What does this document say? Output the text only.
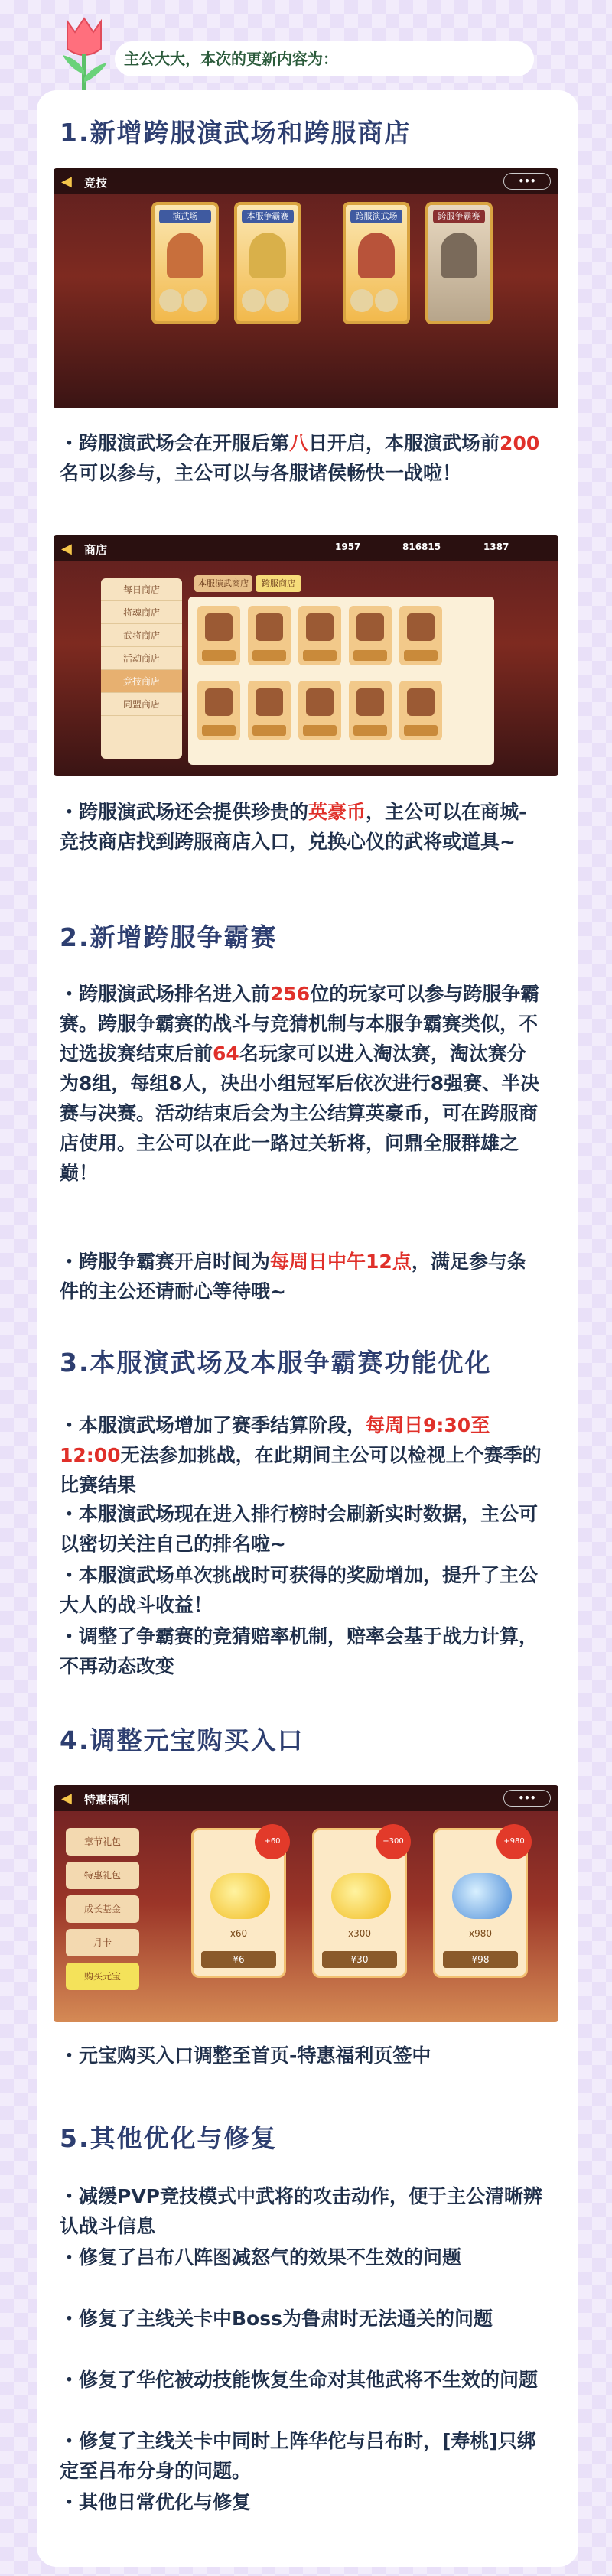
主公大大，本次的更新内容为：
1.新增跨服演武场和跨服商店
◀ 竞技	•••
演武场	本服争霸赛	跨服演武场	跨服争霸赛
・跨服演武场会在开服后第八日开启，本服演武场前200名可以参与，主公可以与各服诸侯畅快一战啦！
◀ 商店	1957	816815	1387
每日商店
将魂商店
武将商店
活动商店
竞技商店
同盟商店
本服演武商店	跨服商店
・跨服演武场还会提供珍贵的英豪币，主公可以在商城-竞技商店找到跨服商店入口，兑换心仪的武将或道具~
2.新增跨服争霸赛
・跨服演武场排名进入前256位的玩家可以参与跨服争霸赛。跨服争霸赛的战斗与竞猜机制与本服争霸赛类似，不过选拔赛结束后前64名玩家可以进入淘汰赛，淘汰赛分为8组，每组8人，决出小组冠军后依次进行8强赛、半决赛与决赛。活动结束后会为主公结算英豪币，可在跨服商店使用。主公可以在此一路过关斩将，问鼎全服群雄之巅！
・跨服争霸赛开启时间为每周日中午12点，满足参与条件的主公还请耐心等待哦~
3.本服演武场及本服争霸赛功能优化
・本服演武场增加了赛季结算阶段，每周日9:30至12:00无法参加挑战，在此期间主公可以检视上个赛季的比赛结果
・本服演武场现在进入排行榜时会刷新实时数据，主公可以密切关注自己的排名啦~
・本服演武场单次挑战时可获得的奖励增加，提升了主公大人的战斗收益！
・调整了争霸赛的竞猜赔率机制，赔率会基于战力计算，不再动态改变
4.调整元宝购买入口
◀ 特惠福利	•••
章节礼包
特惠礼包
成长基金
月卡
购买元宝
+60
x60
¥6
+300
x300
¥30
+980
x980
¥98
・元宝购买入口调整至首页-特惠福利页签中
5.其他优化与修复
・减缓PVP竞技模式中武将的攻击动作，便于主公清晰辨认战斗信息
・修复了吕布八阵图减怒气的效果不生效的问题
・修复了主线关卡中Boss为鲁肃时无法通关的问题
・修复了华佗被动技能恢复生命对其他武将不生效的问题
・修复了主线关卡中同时上阵华佗与吕布时，[寿桃]只绑定至吕布分身的问题。
・其他日常优化与修复
